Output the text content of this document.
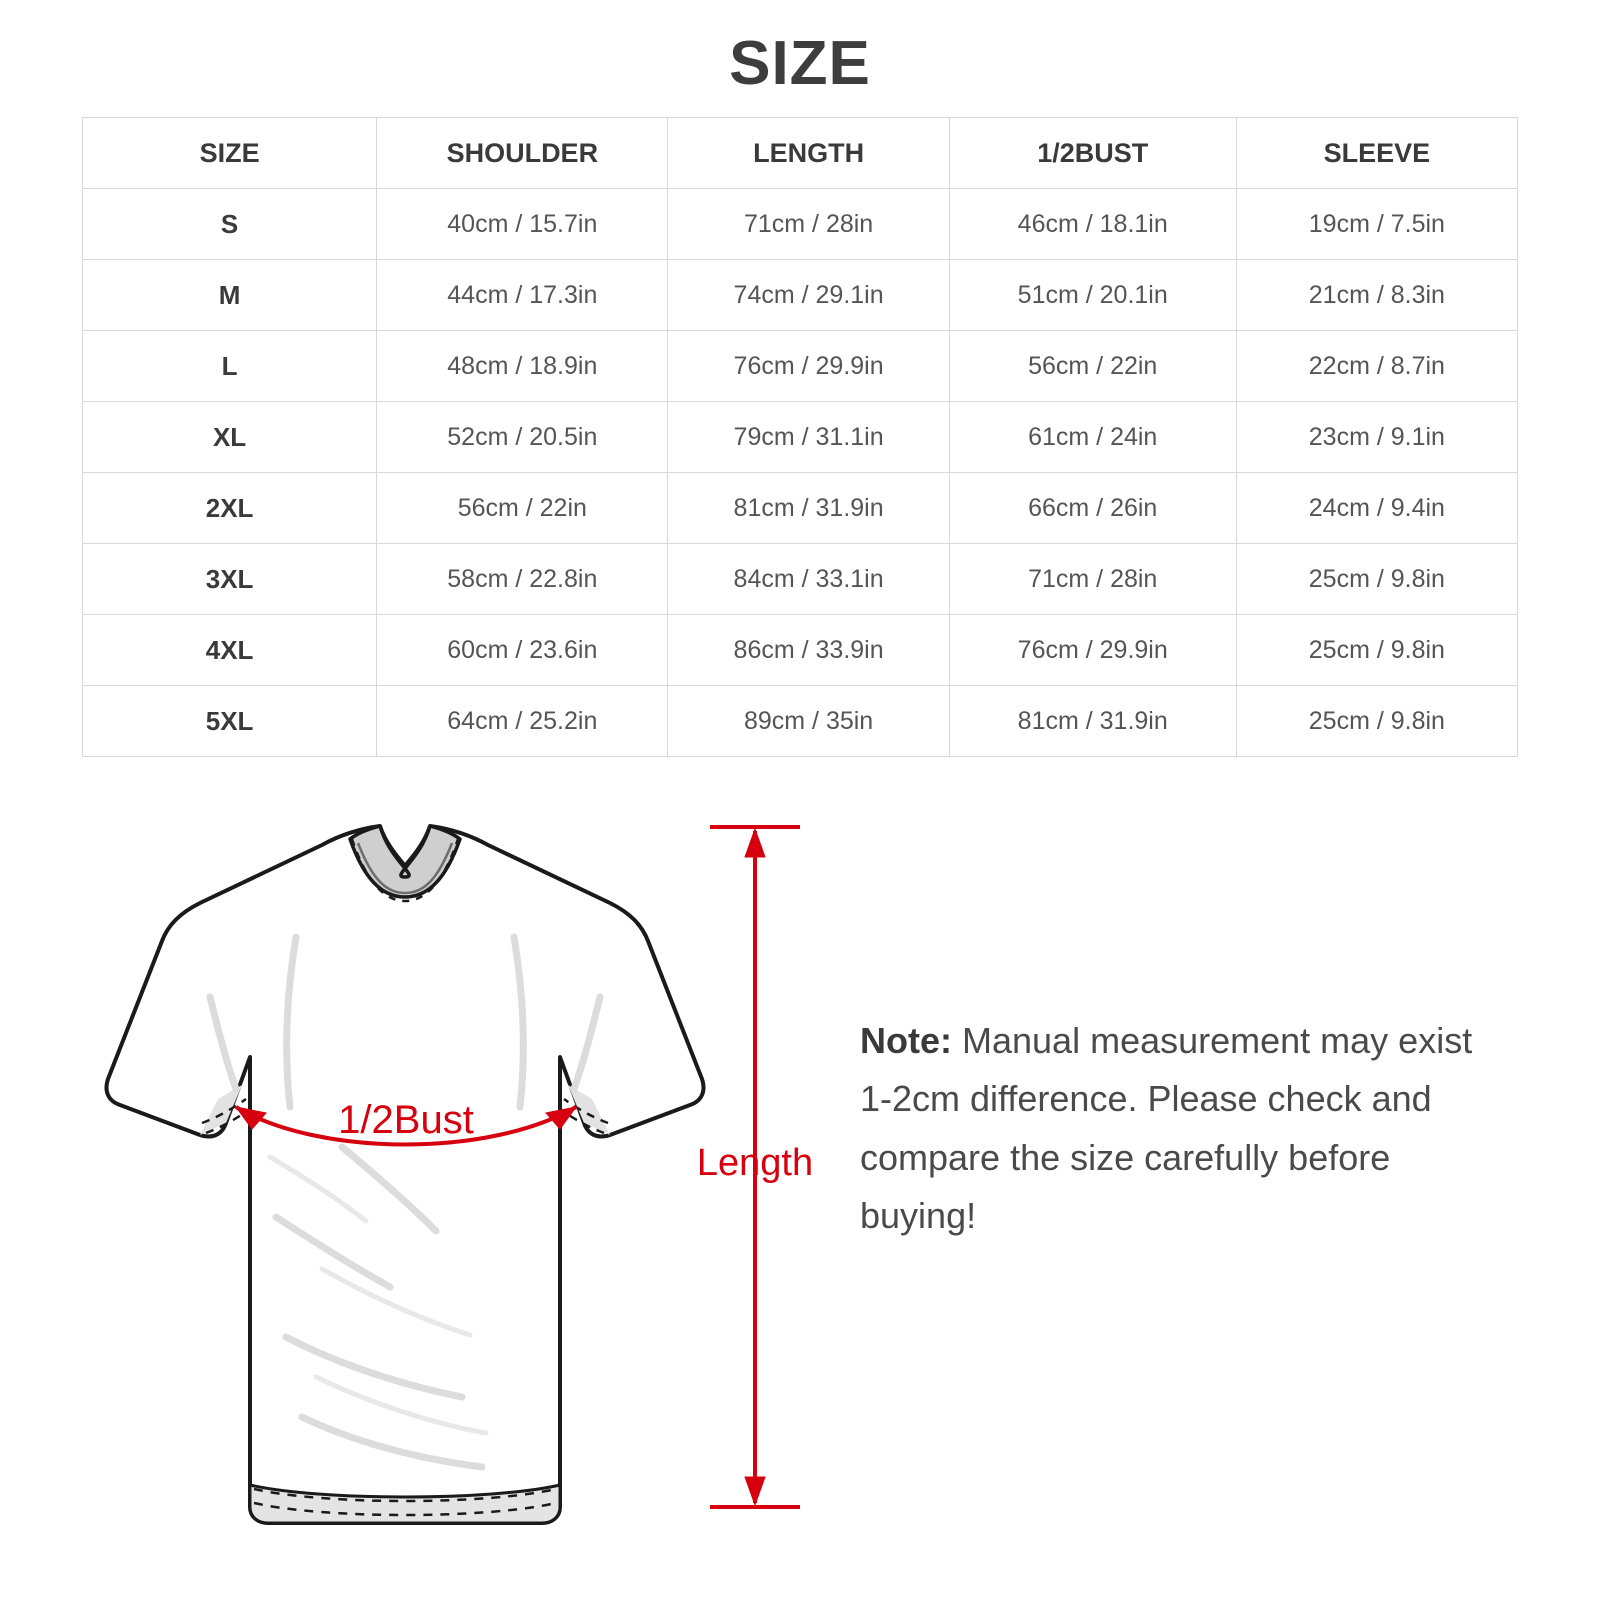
SIZE
SIZE	SHOULDER	LENGTH	1/2BUST	SLEEVE
S	40cm / 15.7in	71cm / 28in	46cm / 18.1in	19cm / 7.5in
M	44cm / 17.3in	74cm / 29.1in	51cm / 20.1in	21cm / 8.3in
L	48cm / 18.9in	76cm / 29.9in	56cm / 22in	22cm / 8.7in
XL	52cm / 20.5in	79cm / 31.1in	61cm / 24in	23cm / 9.1in
2XL	56cm / 22in	81cm / 31.9in	66cm / 26in	24cm / 9.4in
3XL	58cm / 22.8in	84cm / 33.1in	71cm / 28in	25cm / 9.8in
4XL	60cm / 23.6in	86cm / 33.9in	76cm / 29.9in	25cm / 9.8in
5XL	64cm / 25.2in	89cm / 35in	81cm / 31.9in	25cm / 9.8in
1/2Bust
Length
Note: Manual measurement may exist 1-2cm difference. Please check and compare the size carefully before buying!
